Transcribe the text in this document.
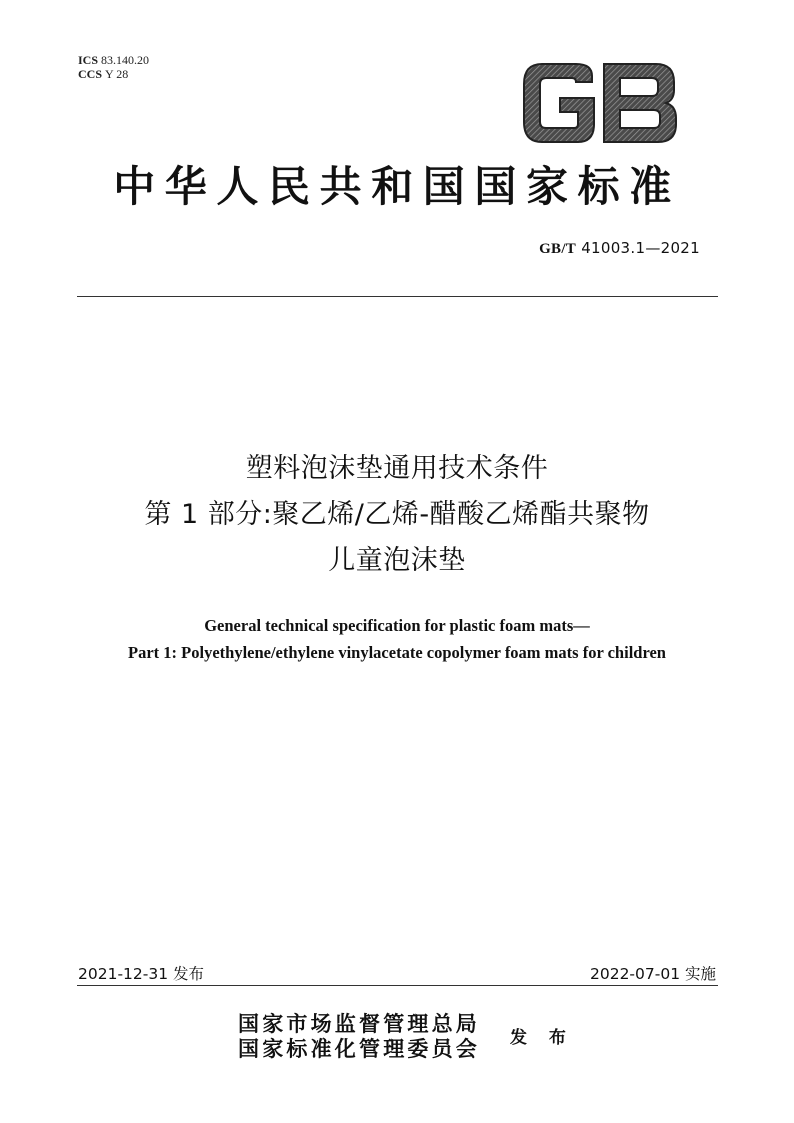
ICS 83.140.20
CCS Y 28
中华人民共和国国家标准
GB/T 41003.1—2021
塑料泡沫垫通用技术条件
第 1 部分:聚乙烯/乙烯-醋酸乙烯酯共聚物
儿童泡沫垫
General technical specification for plastic foam mats—
Part 1: Polyethylene/ethylene vinylacetate copolymer foam mats for children
2021-12-31 发布	2022-07-01 实施
国家市场监督管理总局
国家标准化管理委员会 发 布
